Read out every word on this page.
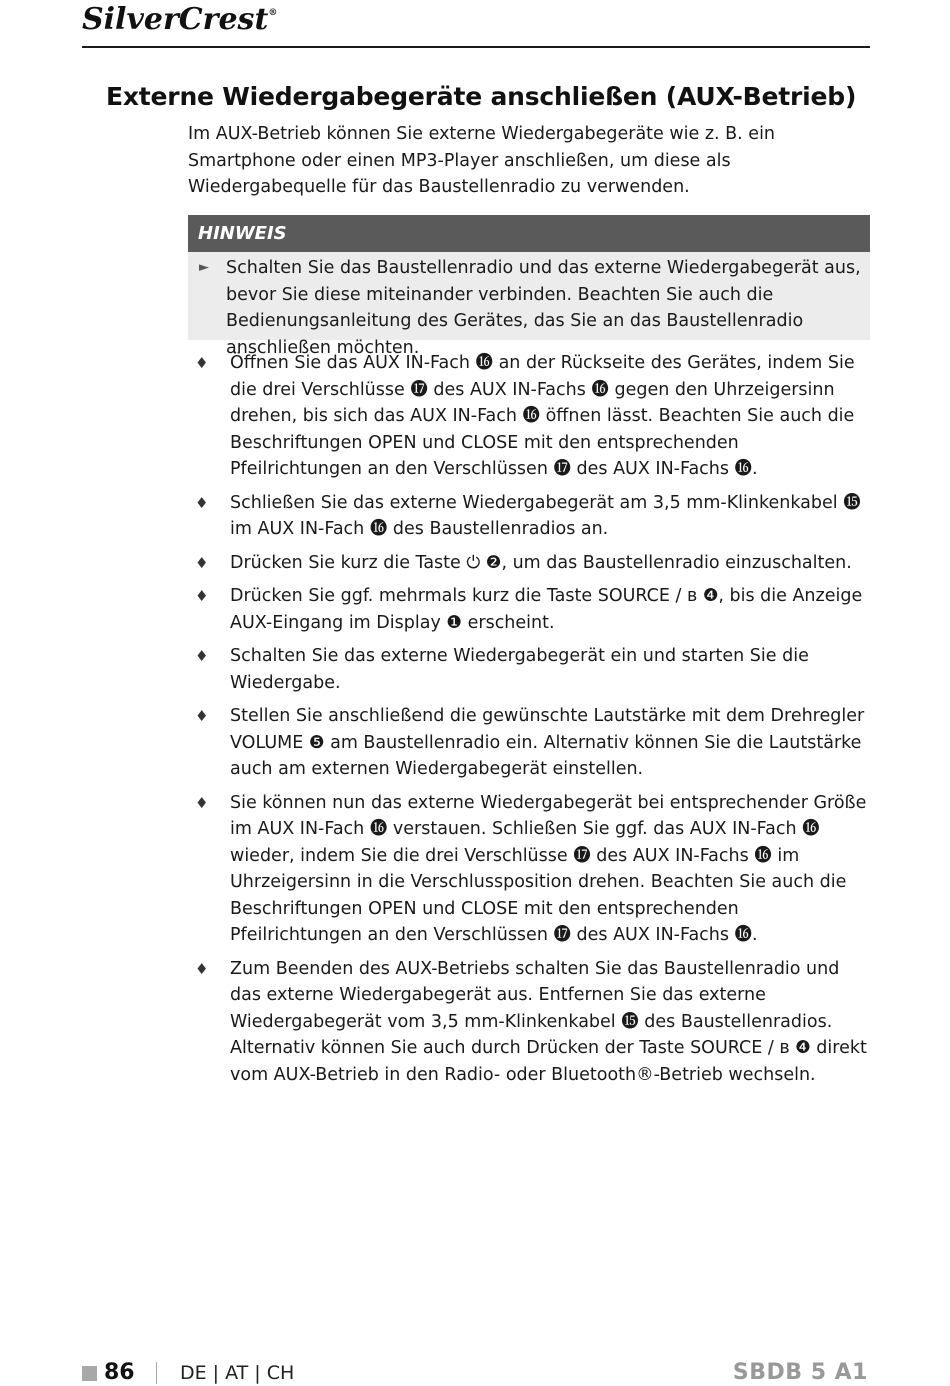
SilverCrest®
Externe Wiedergabegeräte anschließen (AUX-Betrieb)

Im AUX-Betrieb können Sie externe Wiedergabegeräte wie z. B. ein Smartphone oder einen MP3-Player anschließen, um diese als Wiedergabequelle für das Baustellenradio zu verwenden.

HINWEIS
► Schalten Sie das Baustellenradio und das externe Wiedergabegerät aus, bevor Sie diese miteinander verbinden. Beachten Sie auch die Bedienungsanleitung des Gerätes, das Sie an das Baustellenradio anschließen möchten.

♦ Öffnen Sie das AUX IN-Fach ⓰ an der Rückseite des Gerätes, indem Sie die drei Verschlüsse ⓱ des AUX IN-Fachs ⓰ gegen den Uhrzeigersinn drehen, bis sich das AUX IN-Fach ⓰ öffnen lässt. Beachten Sie auch die Beschriftungen OPEN und CLOSE mit den entsprechenden Pfeilrichtungen an den Verschlüssen ⓱ des AUX IN-Fachs ⓰.

♦ Schließen Sie das externe Wiedergabegerät am 3,5 mm-Klinkenkabel ⓯ im AUX IN-Fach ⓰ des Baustellenradios an.

♦ Drücken Sie kurz die Taste ⏻ ❷, um das Baustellenradio einzuschalten.

♦ Drücken Sie ggf. mehrmals kurz die Taste SOURCE / ʙ ❹, bis die Anzeige AUX-Eingang im Display ❶ erscheint.

♦ Schalten Sie das externe Wiedergabegerät ein und starten Sie die Wiedergabe.

♦ Stellen Sie anschließend die gewünschte Lautstärke mit dem Drehregler VOLUME ❺ am Baustellenradio ein. Alternativ können Sie die Lautstärke auch am externen Wiedergabegerät einstellen.

♦ Sie können nun das externe Wiedergabegerät bei entsprechender Größe im AUX IN-Fach ⓰ verstauen. Schließen Sie ggf. das AUX IN-Fach ⓰ wieder, indem Sie die drei Verschlüsse ⓱ des AUX IN-Fachs ⓰ im Uhrzeigersinn in die Verschlussposition drehen. Beachten Sie auch die Beschriftungen OPEN und CLOSE mit den entsprechenden Pfeilrichtungen an den Verschlüssen ⓱ des AUX IN-Fachs ⓰.

♦ Zum Beenden des AUX-Betriebs schalten Sie das Baustellenradio und das externe Wiedergabegerät aus. Entfernen Sie das externe Wiedergabegerät vom 3,5 mm-Klinkenkabel ⓯ des Baustellenradios. Alternativ können Sie auch durch Drücken der Taste SOURCE / ʙ ❹ direkt vom AUX-Betrieb in den Radio- oder Bluetooth®-Betrieb wechseln.

86 DE | AT | CH	SBDB 5 A1
